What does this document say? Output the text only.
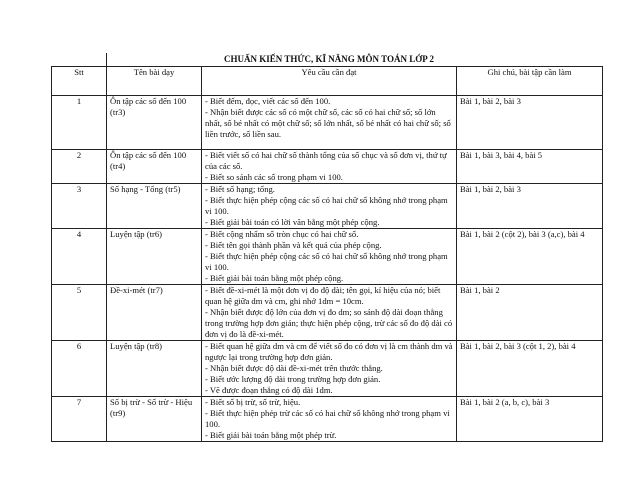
		CHUẨN KIẾN THỨC, KĨ NĂNG MÔN TOÁN LỚP 2	
Stt	Tên bài dạy	Yêu cầu cần đạt	Ghi chú, bài tập cần làm
1	Ôn tập các số đến 100 (tr3)	- Biết đếm, đọc, viết các số đến 100.
- Nhận biết được các số có một chữ số, các số có hai chữ số; số lớn nhất, số bé nhất có một chữ số; số lớn nhất, số bé nhất có hai chữ số; số liền trước, số liền sau.	Bài 1, bài 2, bài 3
2	Ôn tập các số đến 100 (tr4)	- Biết viết số có hai chữ số thành tổng của số chục và số đơn vị, thứ tự của các số.
- Biết so sánh các số trong phạm vi 100.	Bài 1, bài 3, bài 4, bài 5
3	Số hạng - Tổng (tr5)	- Biết số hạng; tổng.
- Biết thực hiện phép cộng các số có hai chữ số không nhớ trong phạm vi 100.
- Biết giải bài toán có lời văn bằng một phép cộng.	Bài 1, bài 2, bài 3
4	Luyện tập (tr6)	- Biết cộng nhẩm số tròn chục có hai chữ số.
- Biết tên gọi thành phần và kết quả của phép cộng.
- Biết thực hiện phép cộng các số có hai chữ số không nhớ trong phạm vi 100.
- Biết giải bài toán bằng một phép cộng.	Bài 1, bài 2 (cột 2), bài 3 (a,c), bài 4
5	Đề-xi-mét (tr7)	- Biết đề-xi-mét là một đơn vị đo độ dài; tên gọi, kí hiệu của nó; biết quan hệ giữa dm và cm, ghi nhớ 1dm = 10cm.
- Nhận biết được độ lớn của đơn vị đo dm; so sánh độ dài đoạn thẳng trong trường hợp đơn giản; thực hiện phép cộng, trừ các số đo độ dài có đơn vị đo là đề-xi-mét.	Bài 1, bài 2
6	Luyện tập (tr8)	- Biết quan hệ giữa dm và cm để viết số đo có đơn vị là cm thành dm và ngược lại trong trường hợp đơn giản.
- Nhận biết được độ dài đề-xi-mét trên thước thẳng.
- Biết ước lượng độ dài trong trường hợp đơn giản.
- Vẽ được đoạn thẳng có độ dài 1dm.	Bài 1, bài 2, bài 3 (cột 1, 2), bài 4
7	Số bị trừ - Số trừ - Hiệu (tr9)	- Biết số bị trừ, số trừ, hiệu.
- Biết thực hiện phép trừ các số có hai chữ số không nhớ trong phạm vi 100.
- Biết giải bài toán bằng một phép trừ.	Bài 1, bài 2 (a, b, c), bài 3
